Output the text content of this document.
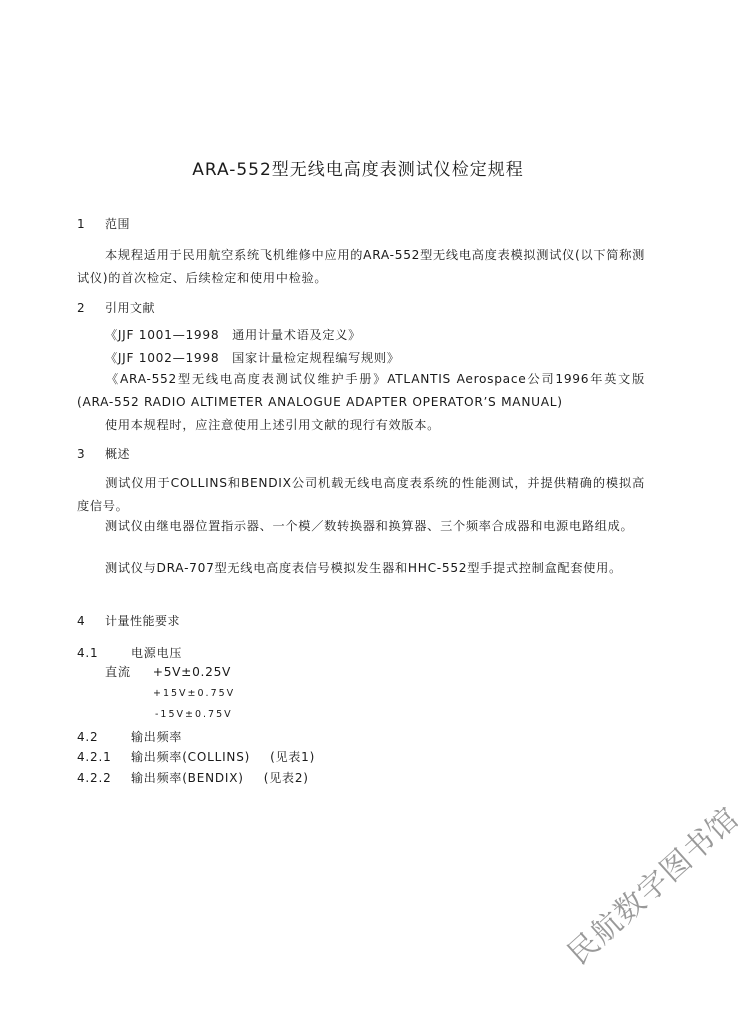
ARA-552型无线电高度表测试仪检定规程
1 范围
本规程适用于民用航空系统飞机维修中应用的ARA-552型无线电高度表模拟测试仪(以下简称测试仪)的首次检定、后续检定和使用中检验。
2 引用文献
《JJF 1001—1998　通用计量术语及定义》
《JJF 1002—1998　国家计量检定规程编写规则》
《ARA-552型无线电高度表测试仪维护手册》ATLANTIS Aerospace公司1996年英文版(ARA-552 RADIO ALTIMETER ANALOGUE ADAPTER OPERATOR’S MANUAL)
使用本规程时，应注意使用上述引用文献的现行有效版本。
3 概述
测试仪用于COLLINS和BENDIX公司机载无线电高度表系统的性能测试，并提供精确的模拟高度信号。
测试仪由继电器位置指示器、一个模／数转换器和换算器、三个频率合成器和电源电路组成。
测试仪与DRA-707型无线电高度表信号模拟发生器和HHC-552型手提式控制盒配套使用。
4 计量性能要求
4.1	电源电压
直流 +5V±0.25V
+15V±0.75V
-15V±0.75V
4.2	输出频率
4.2.1 输出频率(COLLINS) (见表1)
4.2.2 输出频率(BENDIX) (见表2)
民航数字图书馆
